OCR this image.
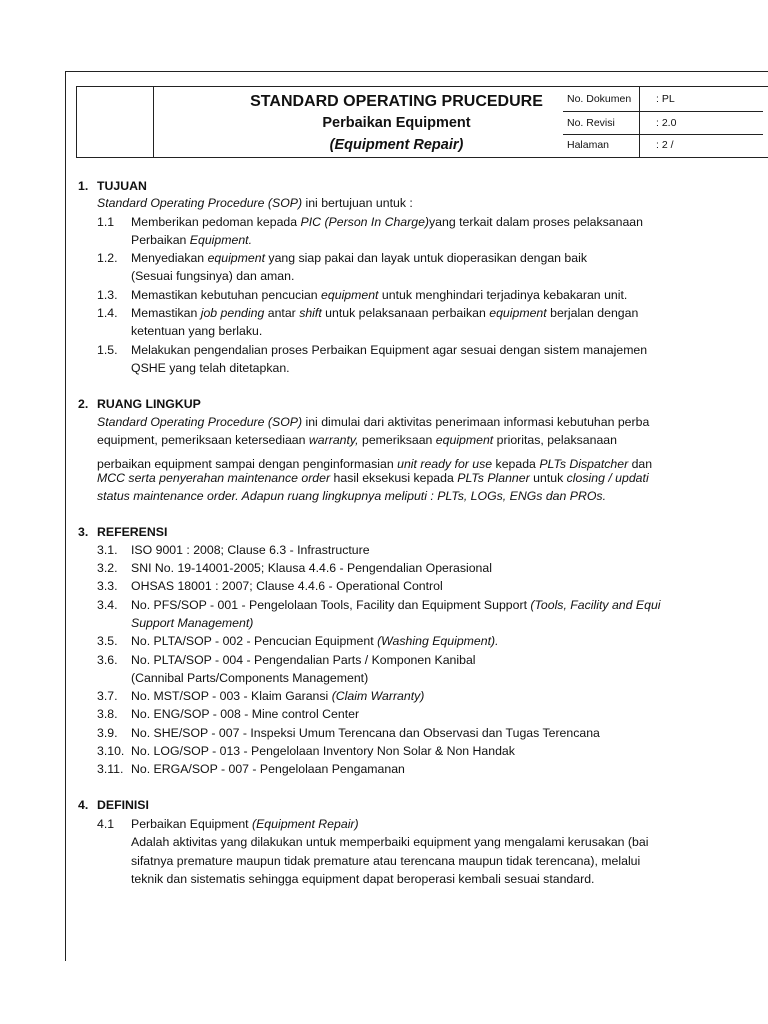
STANDARD OPERATING PRUCEDURE
Perbaikan Equipment
(Equipment Repair)
No. Dokumen : PL
No. Revisi	: 2.0
Halaman	: 2 /
1. TUJUAN
Standard Operating Procedure (SOP) ini bertujuan untuk :
1.1 Memberikan pedoman kepada PIC (Person In Charge)yang terkait dalam proses pelaksanaan
Perbaikan Equipment.
1.2. Menyediakan equipment yang siap pakai dan layak untuk dioperasikan dengan baik
(Sesuai fungsinya) dan aman.
1.3. Memastikan kebutuhan pencucian equipment untuk menghindari terjadinya kebakaran unit.
1.4. Memastikan job pending antar shift untuk pelaksanaan perbaikan equipment berjalan dengan
ketentuan yang berlaku.
1.5. Melakukan pengendalian proses Perbaikan Equipment agar sesuai dengan sistem manajemen
QSHE yang telah ditetapkan.
2. RUANG LINGKUP
Standard Operating Procedure (SOP) ini dimulai dari aktivitas penerimaan informasi kebutuhan perba
equipment, pemeriksaan ketersediaan warranty, pemeriksaan equipment prioritas, pelaksanaan
perbaikan equipment sampai dengan penginformasian unit ready for use kepada PLTs Dispatcher dan
MCC serta penyerahan maintenance order hasil eksekusi kepada PLTs Planner untuk closing / updati
status maintenance order. Adapun ruang lingkupnya meliputi : PLTs, LOGs, ENGs dan PROs.
3. REFERENSI
3.1. ISO 9001 : 2008; Clause 6.3 - Infrastructure
3.2. SNI No. 19-14001-2005; Klausa 4.4.6 - Pengendalian Operasional
3.3. OHSAS 18001 : 2007; Clause 4.4.6 - Operational Control
3.4. No. PFS/SOP - 001 - Pengelolaan Tools, Facility dan Equipment Support (Tools, Facility and Equi
Support Management)
3.5. No. PLTA/SOP - 002 - Pencucian Equipment (Washing Equipment).
3.6. No. PLTA/SOP - 004 - Pengendalian Parts / Komponen Kanibal
(Cannibal Parts/Components Management)
3.7. No. MST/SOP - 003 - Klaim Garansi (Claim Warranty)
3.8. No. ENG/SOP - 008 - Mine control Center
3.9. No. SHE/SOP - 007 - Inspeksi Umum Terencana dan Observasi dan Tugas Terencana
3.10. No. LOG/SOP - 013 - Pengelolaan Inventory Non Solar & Non Handak
3.11. No. ERGA/SOP - 007 - Pengelolaan Pengamanan
4. DEFINISI
4.1 Perbaikan Equipment (Equipment Repair)
Adalah aktivitas yang dilakukan untuk memperbaiki equipment yang mengalami kerusakan (bai
sifatnya premature maupun tidak premature atau terencana maupun tidak terencana), melalui
teknik dan sistematis sehingga equipment dapat beroperasi kembali sesuai standard.
